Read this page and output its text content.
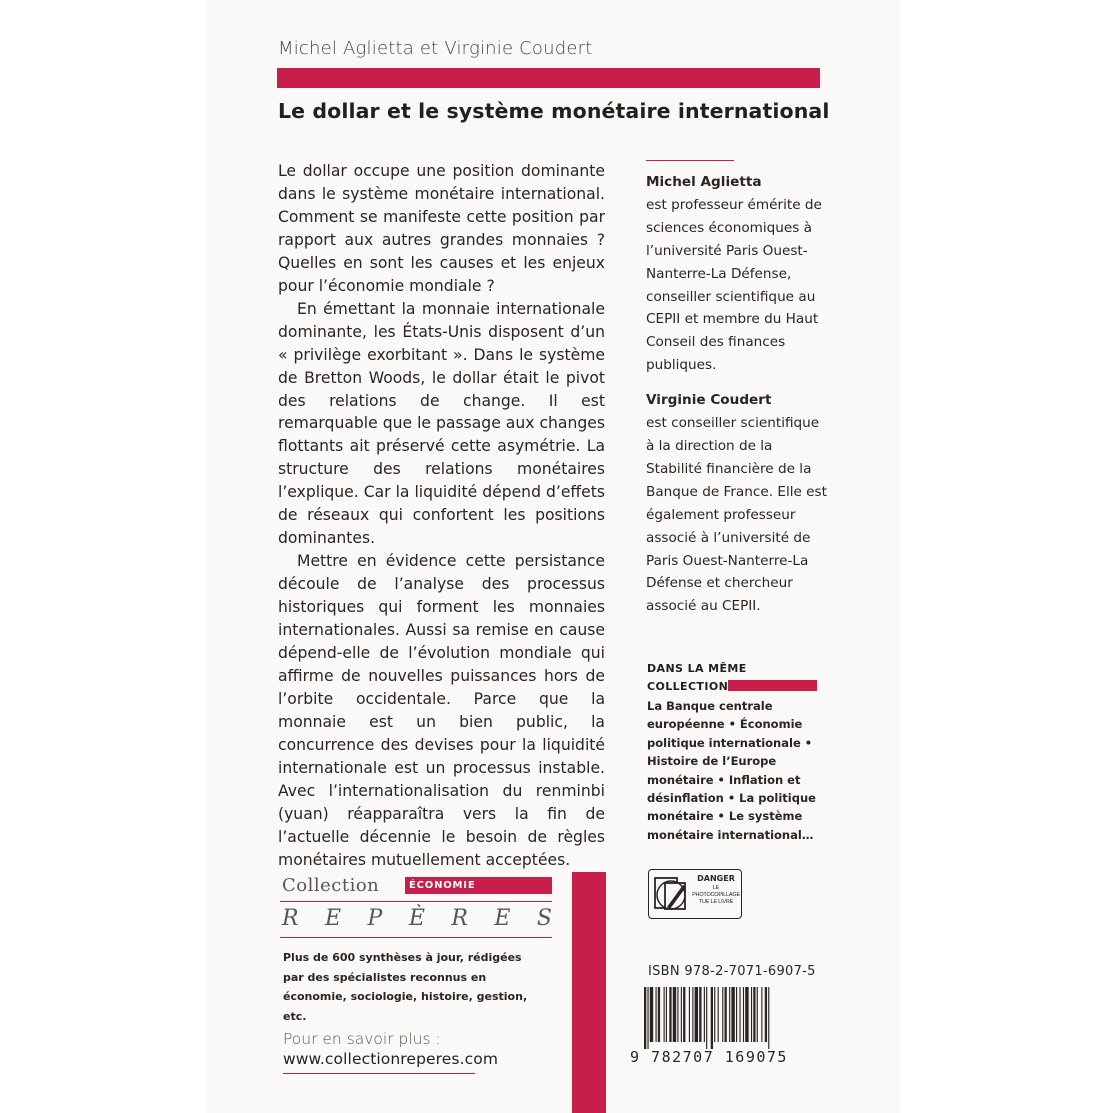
Michel Aglietta et Virginie Coudert
Le dollar et le système monétaire international

Le dollar occupe une position dominante dans le système monétaire international. Comment se manifeste cette position par rapport aux autres grandes monnaies ? Quelles en sont les causes et les enjeux pour l’économie mondiale ?

En émettant la monnaie internationale dominante, les États-Unis disposent d’un « privilège exorbitant ». Dans le système de Bretton Woods, le dollar était le pivot des relations de change. Il est remarquable que le passage aux changes flottants ait préservé cette asymétrie. La structure des relations monétaires l’explique. Car la liquidité dépend d’effets de réseaux qui confortent les positions dominantes.

Mettre en évidence cette persistance découle de l’analyse des processus historiques qui forment les monnaies internationales. Aussi sa remise en cause dépend-elle de l’évolution mondiale qui affirme de nouvelles puissances hors de l’orbite occidentale. Parce que la monnaie est un bien public, la concurrence des devises pour la liquidité internationale est un processus instable. Avec l’internationalisation du renminbi (yuan) réapparaîtra vers la fin de l’actuelle décennie le besoin de règles monétaires mutuellement acceptées.

Michel Aglietta
est professeur émérite de sciences économiques à l’université Paris Ouest-Nanterre-La Défense, conseiller scientifique au CEPII et membre du Haut Conseil des finances publiques.
Virginie Coudert
est conseiller scientifique à la direction de la Stabilité financière de la Banque de France. Elle est également professeur associé à l’université de Paris Ouest-Nanterre-La Défense et chercheur associé au CEPII.
DANS LA MÊME
COLLECTION
La Banque centrale européenne • Économie politique internationale • Histoire de l’Europe monétaire • Inflation et désinflation • La politique monétaire • Le système monétaire international…
Collection	ÉCONOMIE
R E P È R E S
Plus de 600 synthèses à jour, rédigées par des spécialistes reconnus en économie, sociologie, histoire, gestion, etc.
Pour en savoir plus :
www.collectionreperes.com
DANGER
LE
PHOTOCOPILLAGE
TUE LE LIVRE
ISBN 978-2-7071-6907-5
9 782707 169075
